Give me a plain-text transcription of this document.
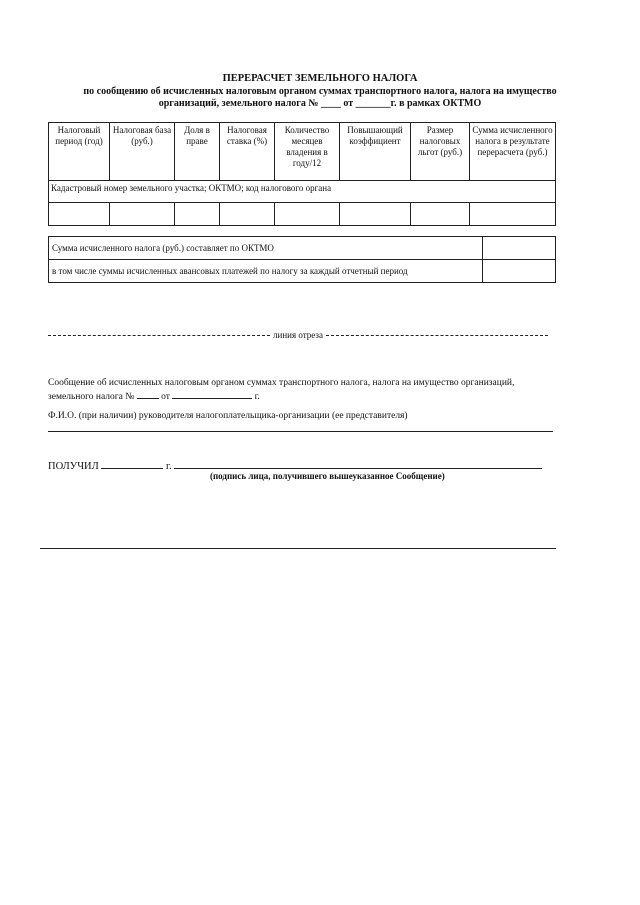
ПЕРЕРАСЧЕТ ЗЕМЕЛЬНОГО НАЛОГА
по сообщению об исчисленных налоговым органом суммах транспортного налога, налога на имущество
организаций, земельного налога № ____ от _______г. в рамках ОКТМО
Налоговый период (год)	Налоговая база (руб.)	Доля в праве	Налоговая ставка (%)	Количество месяцев владения в году/12	Повышающий коэффициент	Размер налоговых льгот (руб.)	Сумма исчисленного налога в результате перерасчета (руб.)
Кадастровый номер земельного участка; ОКТМО; код налогового органа							

Сумма исчисленного налога (руб.) составляет по ОКТМО	
в том числе суммы исчисленных авансовых платежей по налогу за каждый отчетный период	
линия отреза
Сообщение об исчисленных налоговым органом суммах транспортного налога, налога на имущество организаций,
земельного налога №	от	г.
Ф.И.О. (при наличии) руководителя налогоплательщика-организации (ее представителя)
ПОЛУЧИЛ	г.
(подпись лица, получившего вышеуказанное Сообщение)
